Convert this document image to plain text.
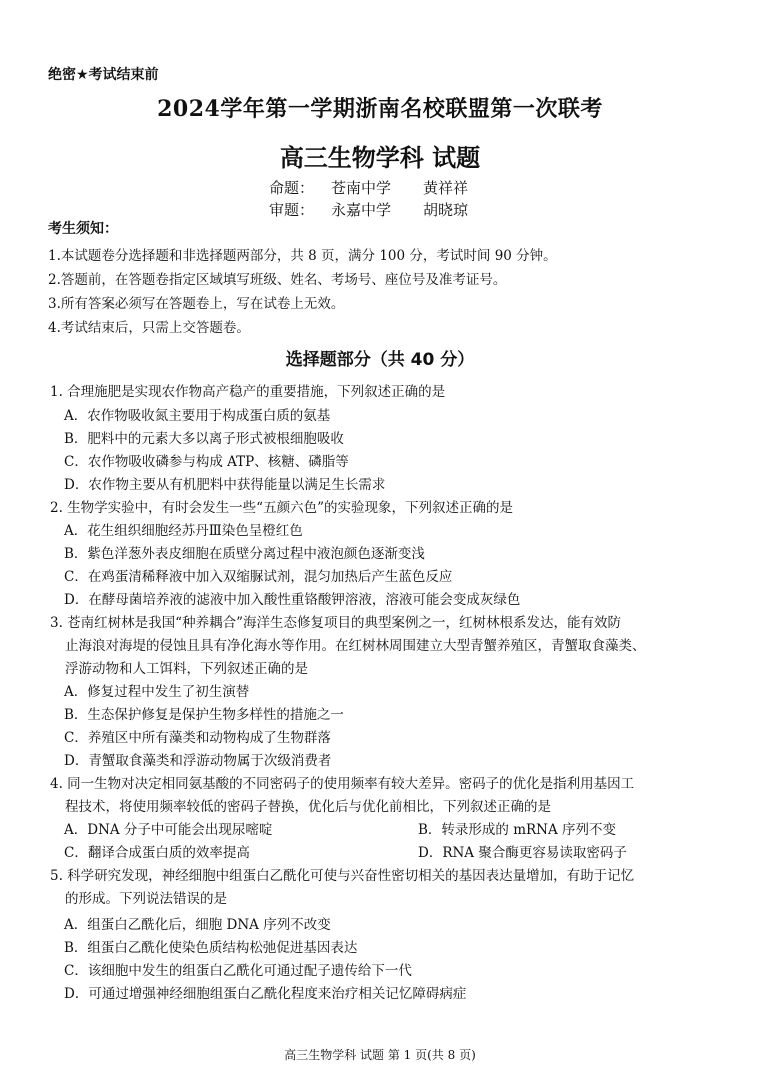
绝密★考试结束前
2024学年第一学期浙南名校联盟第一次联考
高三生物学科 试题
命题： 苍南中学 黄祥祥
审题： 永嘉中学 胡晓琼
考生须知：
1.本试题卷分选择题和非选择题两部分，共 8 页，满分 100 分，考试时间 90 分钟。
2.答题前，在答题卷指定区域填写班级、姓名、考场号、座位号及准考证号。
3.所有答案必须写在答题卷上，写在试卷上无效。
4.考试结束后，只需上交答题卷。
选择题部分（共 40 分）
1. 合理施肥是实现农作物高产稳产的重要措施，下列叙述正确的是
A．农作物吸收氮主要用于构成蛋白质的氨基
B．肥料中的元素大多以离子形式被根细胞吸收
C．农作物吸收磷参与构成 ATP、核糖、磷脂等
D．农作物主要从有机肥料中获得能量以满足生长需求
2. 生物学实验中，有时会发生一些“五颜六色”的实验现象，下列叙述正确的是
A．花生组织细胞经苏丹Ⅲ染色呈橙红色
B．紫色洋葱外表皮细胞在质壁分离过程中液泡颜色逐渐变浅
C．在鸡蛋清稀释液中加入双缩脲试剂，混匀加热后产生蓝色反应
D．在酵母菌培养液的滤液中加入酸性重铬酸钾溶液，溶液可能会变成灰绿色
3. 苍南红树林是我国“种养耦合”海洋生态修复项目的典型案例之一，红树林根系发达，能有效防
止海浪对海堤的侵蚀且具有净化海水等作用。在红树林周围建立大型青蟹养殖区，青蟹取食藻类、
浮游动物和人工饵料，下列叙述正确的是
A．修复过程中发生了初生演替
B．生态保护修复是保护生物多样性的措施之一
C．养殖区中所有藻类和动物构成了生物群落
D．青蟹取食藻类和浮游动物属于次级消费者
4. 同一生物对决定相同氨基酸的不同密码子的使用频率有较大差异。密码子的优化是指利用基因工
程技术，将使用频率较低的密码子替换，优化后与优化前相比，下列叙述正确的是
A．DNA 分子中可能会出现尿嘧啶	B．转录形成的 mRNA 序列不变
C．翻译合成蛋白质的效率提高	D．RNA 聚合酶更容易读取密码子
5. 科学研究发现，神经细胞中组蛋白乙酰化可使与兴奋性密切相关的基因表达量增加，有助于记忆
的形成。下列说法错误的是
A．组蛋白乙酰化后，细胞 DNA 序列不改变
B．组蛋白乙酰化使染色质结构松弛促进基因表达
C．该细胞中发生的组蛋白乙酰化可通过配子遗传给下一代
D．可通过增强神经细胞组蛋白乙酰化程度来治疗相关记忆障碍病症
高三生物学科 试题 第 1 页(共 8 页)
